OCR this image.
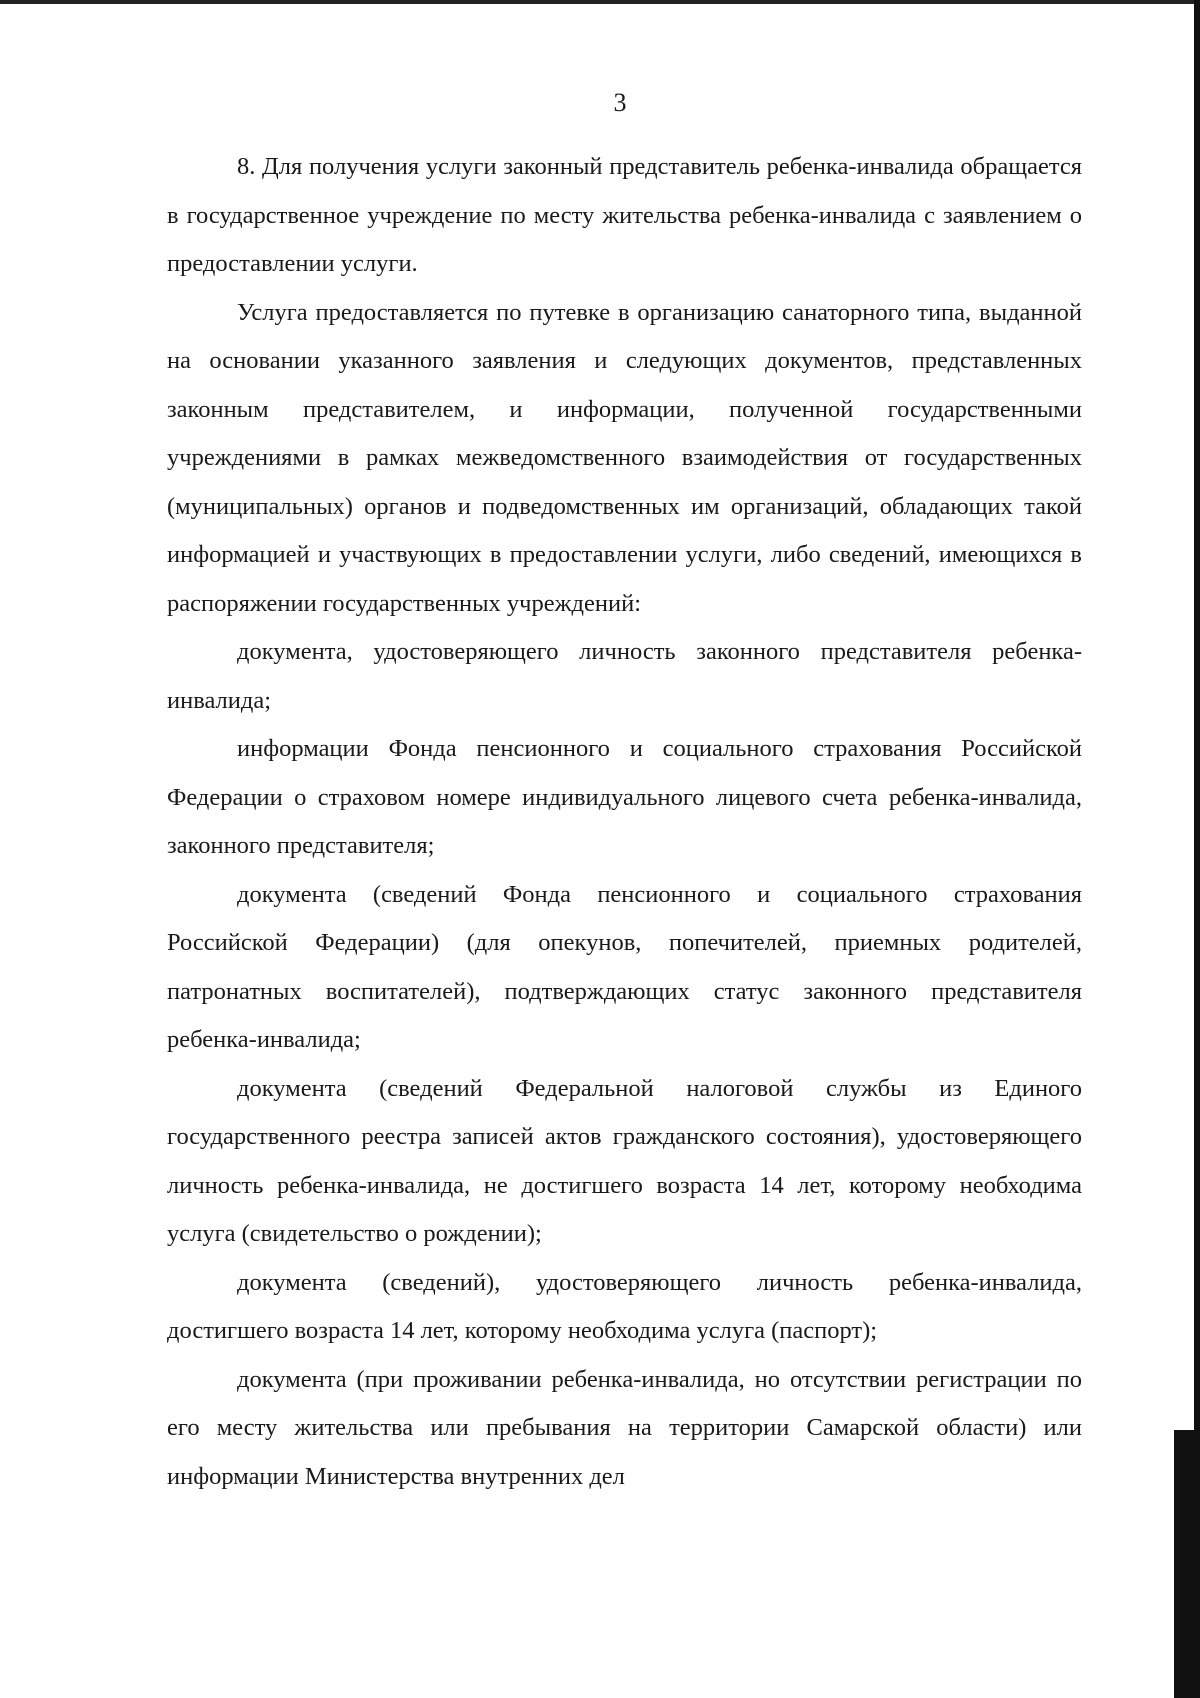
3

8. Для получения услуги законный представитель ребенка-инвалида обращается в государственное учреждение по месту жительства ребенка-инвалида с заявлением о предоставлении услуги.

Услуга предоставляется по путевке в организацию санаторного типа, выданной на основании указанного заявления и следующих документов, представленных законным представителем, и информации, полученной государственными учреждениями в рамках межведомственного взаимодействия от государственных (муниципальных) органов и подведомственных им организаций, обладающих такой информацией и участвующих в предоставлении услуги, либо сведений, имеющихся в распоряжении государственных учреждений:

документа, удостоверяющего личность законного представителя ребенка-инвалида;

информации Фонда пенсионного и социального страхования Российской Федерации о страховом номере индивидуального лицевого счета ребенка-инвалида, законного представителя;

документа (сведений Фонда пенсионного и социального страхования Российской Федерации) (для опекунов, попечителей, приемных родителей, патронатных воспитателей), подтверждающих статус законного представителя ребенка-инвалида;

документа (сведений Федеральной налоговой службы из Единого государственного реестра записей актов гражданского состояния), удостоверяющего личность ребенка-инвалида, не достигшего возраста 14 лет, которому необходима услуга (свидетельство о рождении);

документа (сведений), удостоверяющего личность ребенка-инвалида, достигшего возраста 14 лет, которому необходима услуга (паспорт);

документа (при проживании ребенка-инвалида, но отсутствии регистрации по его месту жительства или пребывания на территории Самарской области) или информации Министерства внутренних дел
